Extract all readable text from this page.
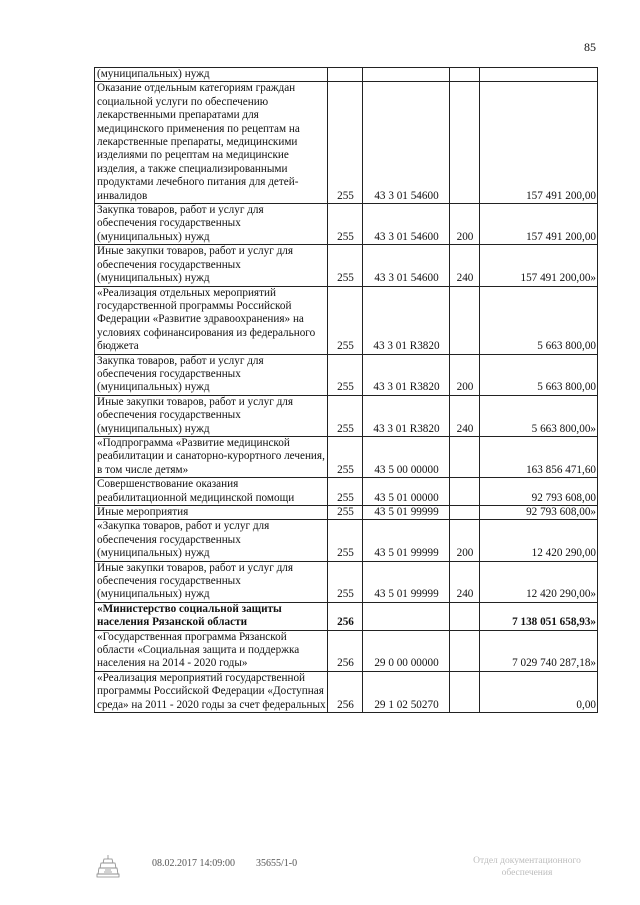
85
(муниципальных) нужд				
Оказание отдельным категориям граждан социальной услуги по обеспечению лекарственными препаратами для медицинского применения по рецептам на лекарственные препараты, медицинскими изделиями по рецептам на медицинские изделия, а также специализированными продуктами лечебного питания для детей-инвалидов	255	43 3 01 54600		157 491 200,00
Закупка товаров, работ и услуг для обеспечения государственных (муниципальных) нужд	255	43 3 01 54600	200	157 491 200,00
Иные закупки товаров, работ и услуг для обеспечения государственных (муниципальных) нужд	255	43 3 01 54600	240	157 491 200,00»
«Реализация отдельных мероприятий государственной программы Российской Федерации «Развитие здравоохранения» на условиях софинансирования из федерального бюджета	255	43 3 01 R3820		5 663 800,00
Закупка товаров, работ и услуг для обеспечения государственных (муниципальных) нужд	255	43 3 01 R3820	200	5 663 800,00
Иные закупки товаров, работ и услуг для обеспечения государственных (муниципальных) нужд	255	43 3 01 R3820	240	5 663 800,00»
«Подпрограмма «Развитие медицинской реабилитации и санаторно-курортного лечения, в том числе детям»	255	43 5 00 00000		163 856 471,60
Совершенствование оказания реабилитационной медицинской помощи	255	43 5 01 00000		92 793 608,00
Иные мероприятия	255	43 5 01 99999		92 793 608,00»
«Закупка товаров, работ и услуг для обеспечения государственных (муниципальных) нужд	255	43 5 01 99999	200	12 420 290,00
Иные закупки товаров, работ и услуг для обеспечения государственных (муниципальных) нужд	255	43 5 01 99999	240	12 420 290,00»
«Министерство социальной защиты населения Рязанской области	256			7 138 051 658,93»
«Государственная программа Рязанской области «Социальная защита и поддержка населения на 2014 - 2020 годы»	256	29 0 00 00000		7 029 740 287,18»
«Реализация мероприятий государственной программы Российской Федерации «Доступная среда» на 2011 - 2020 годы за счет федеральных	256	29 1 02 50270		0,00
08.02.2017 14:09:00 35655/1-0	Отдел документационного обеспечения
